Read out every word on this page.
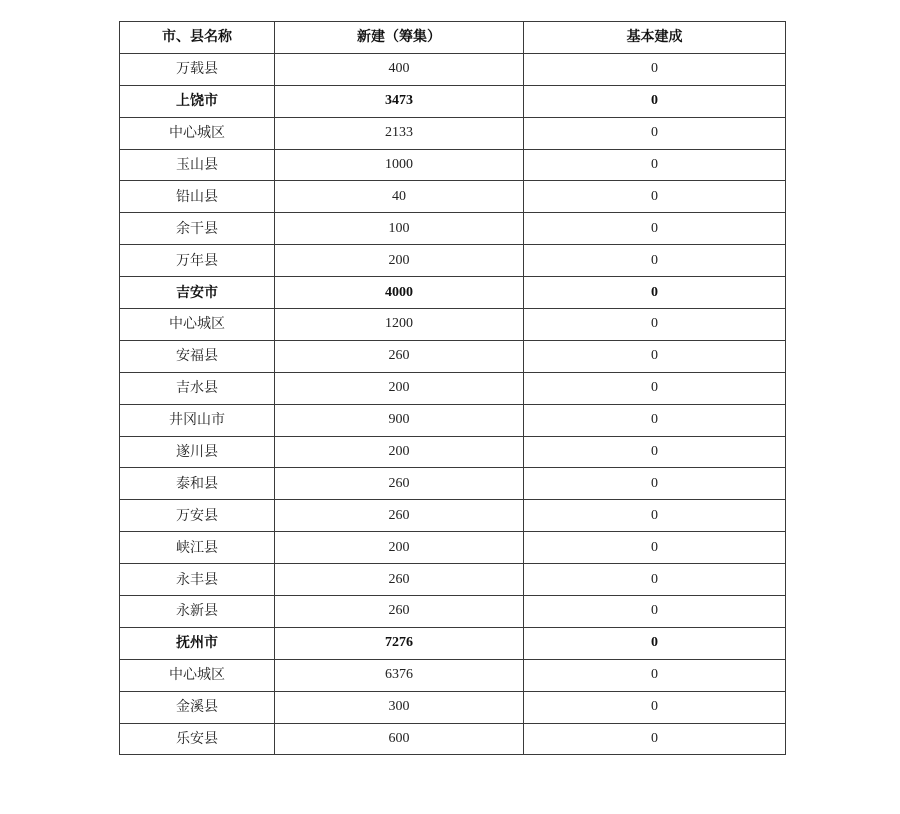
市、县名称	新建（筹集）	基本建成
万载县	400	0
上饶市	3473	0
中心城区	2133	0
玉山县	1000	0
铅山县	40	0
余干县	100	0
万年县	200	0
吉安市	4000	0
中心城区	1200	0
安福县	260	0
吉水县	200	0
井冈山市	900	0
遂川县	200	0
泰和县	260	0
万安县	260	0
峡江县	200	0
永丰县	260	0
永新县	260	0
抚州市	7276	0
中心城区	6376	0
金溪县	300	0
乐安县	600	0
